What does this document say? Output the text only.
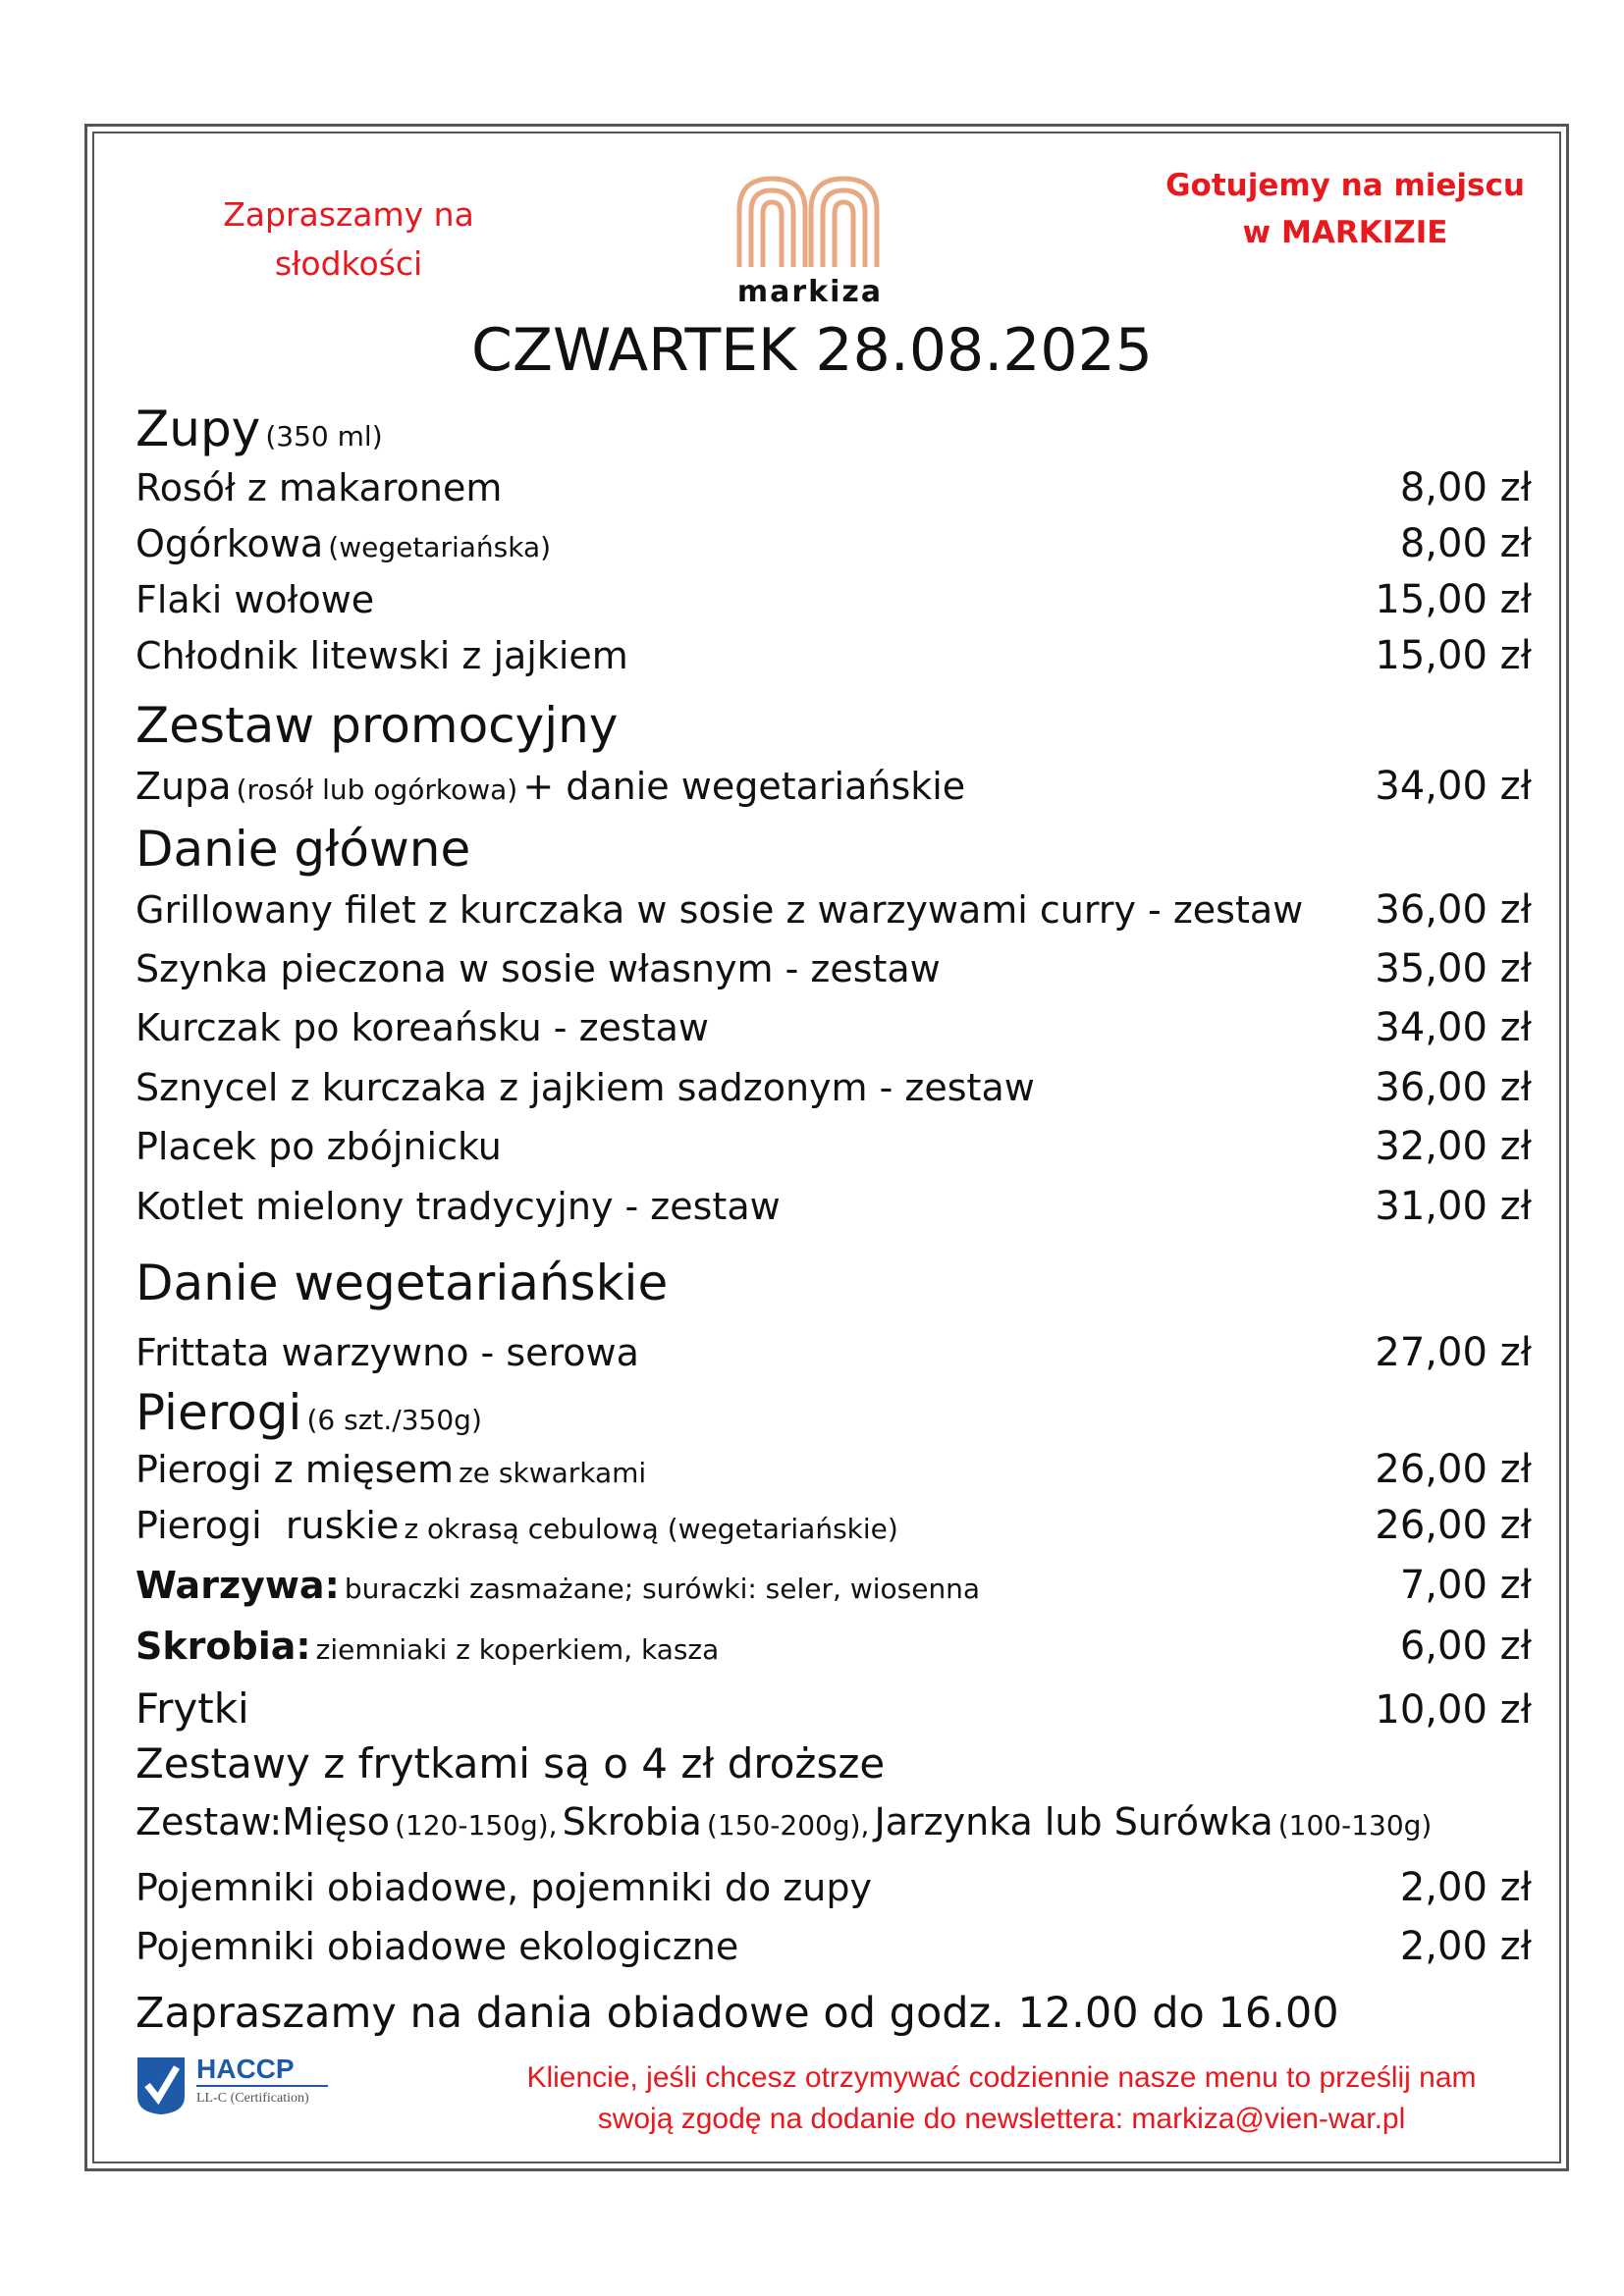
Zapraszamy na
słodkości
markiza
Gotujemy na miejscu
w MARKIZIE
CZWARTEK 28.08.2025
Zupy (350 ml)
Rosół z makaronem	8,00 zł
Ogórkowa (wegetariańska)	8,00 zł
Flaki wołowe	15,00 zł
Chłodnik litewski z jajkiem	15,00 zł
Zestaw promocyjny
Zupa (rosół lub ogórkowa) + danie wegetariańskie	34,00 zł
Danie główne
Grillowany filet z kurczaka w sosie z warzywami curry - zestaw 36,00 zł
Szynka pieczona w sosie własnym - zestaw	35,00 zł
Kurczak po koreańsku - zestaw	34,00 zł
Sznycel z kurczaka z jajkiem sadzonym - zestaw	36,00 zł
Placek po zbójnicku	32,00 zł
Kotlet mielony tradycyjny - zestaw	31,00 zł
Danie wegetariańskie
Frittata warzywno - serowa	27,00 zł
Pierogi (6 szt./350g)
Pierogi z mięsem ze skwarkami	26,00 zł
Pierogi  ruskie z okrasą cebulową (wegetariańskie)	26,00 zł
Warzywa: buraczki zasmażane; surówki: seler, wiosenna	7,00 zł
Skrobia: ziemniaki z koperkiem, kasza	6,00 zł
Frytki	10,00 zł
Zestawy z frytkami są o 4 zł droższe
Zestaw:Mięso (120-150g), Skrobia (150-200g), Jarzynka lub Surówka (100-130g)
Pojemniki obiadowe, pojemniki do zupy	2,00 zł
Pojemniki obiadowe ekologiczne	2,00 zł
Zapraszamy na dania obiadowe od godz. 12.00 do 16.00
HACCP
LL-C (Certification)
Kliencie, jeśli chcesz otrzymywać codziennie nasze menu to prześlij nam
swoją zgodę na dodanie do newslettera: markiza@vien-war.pl
